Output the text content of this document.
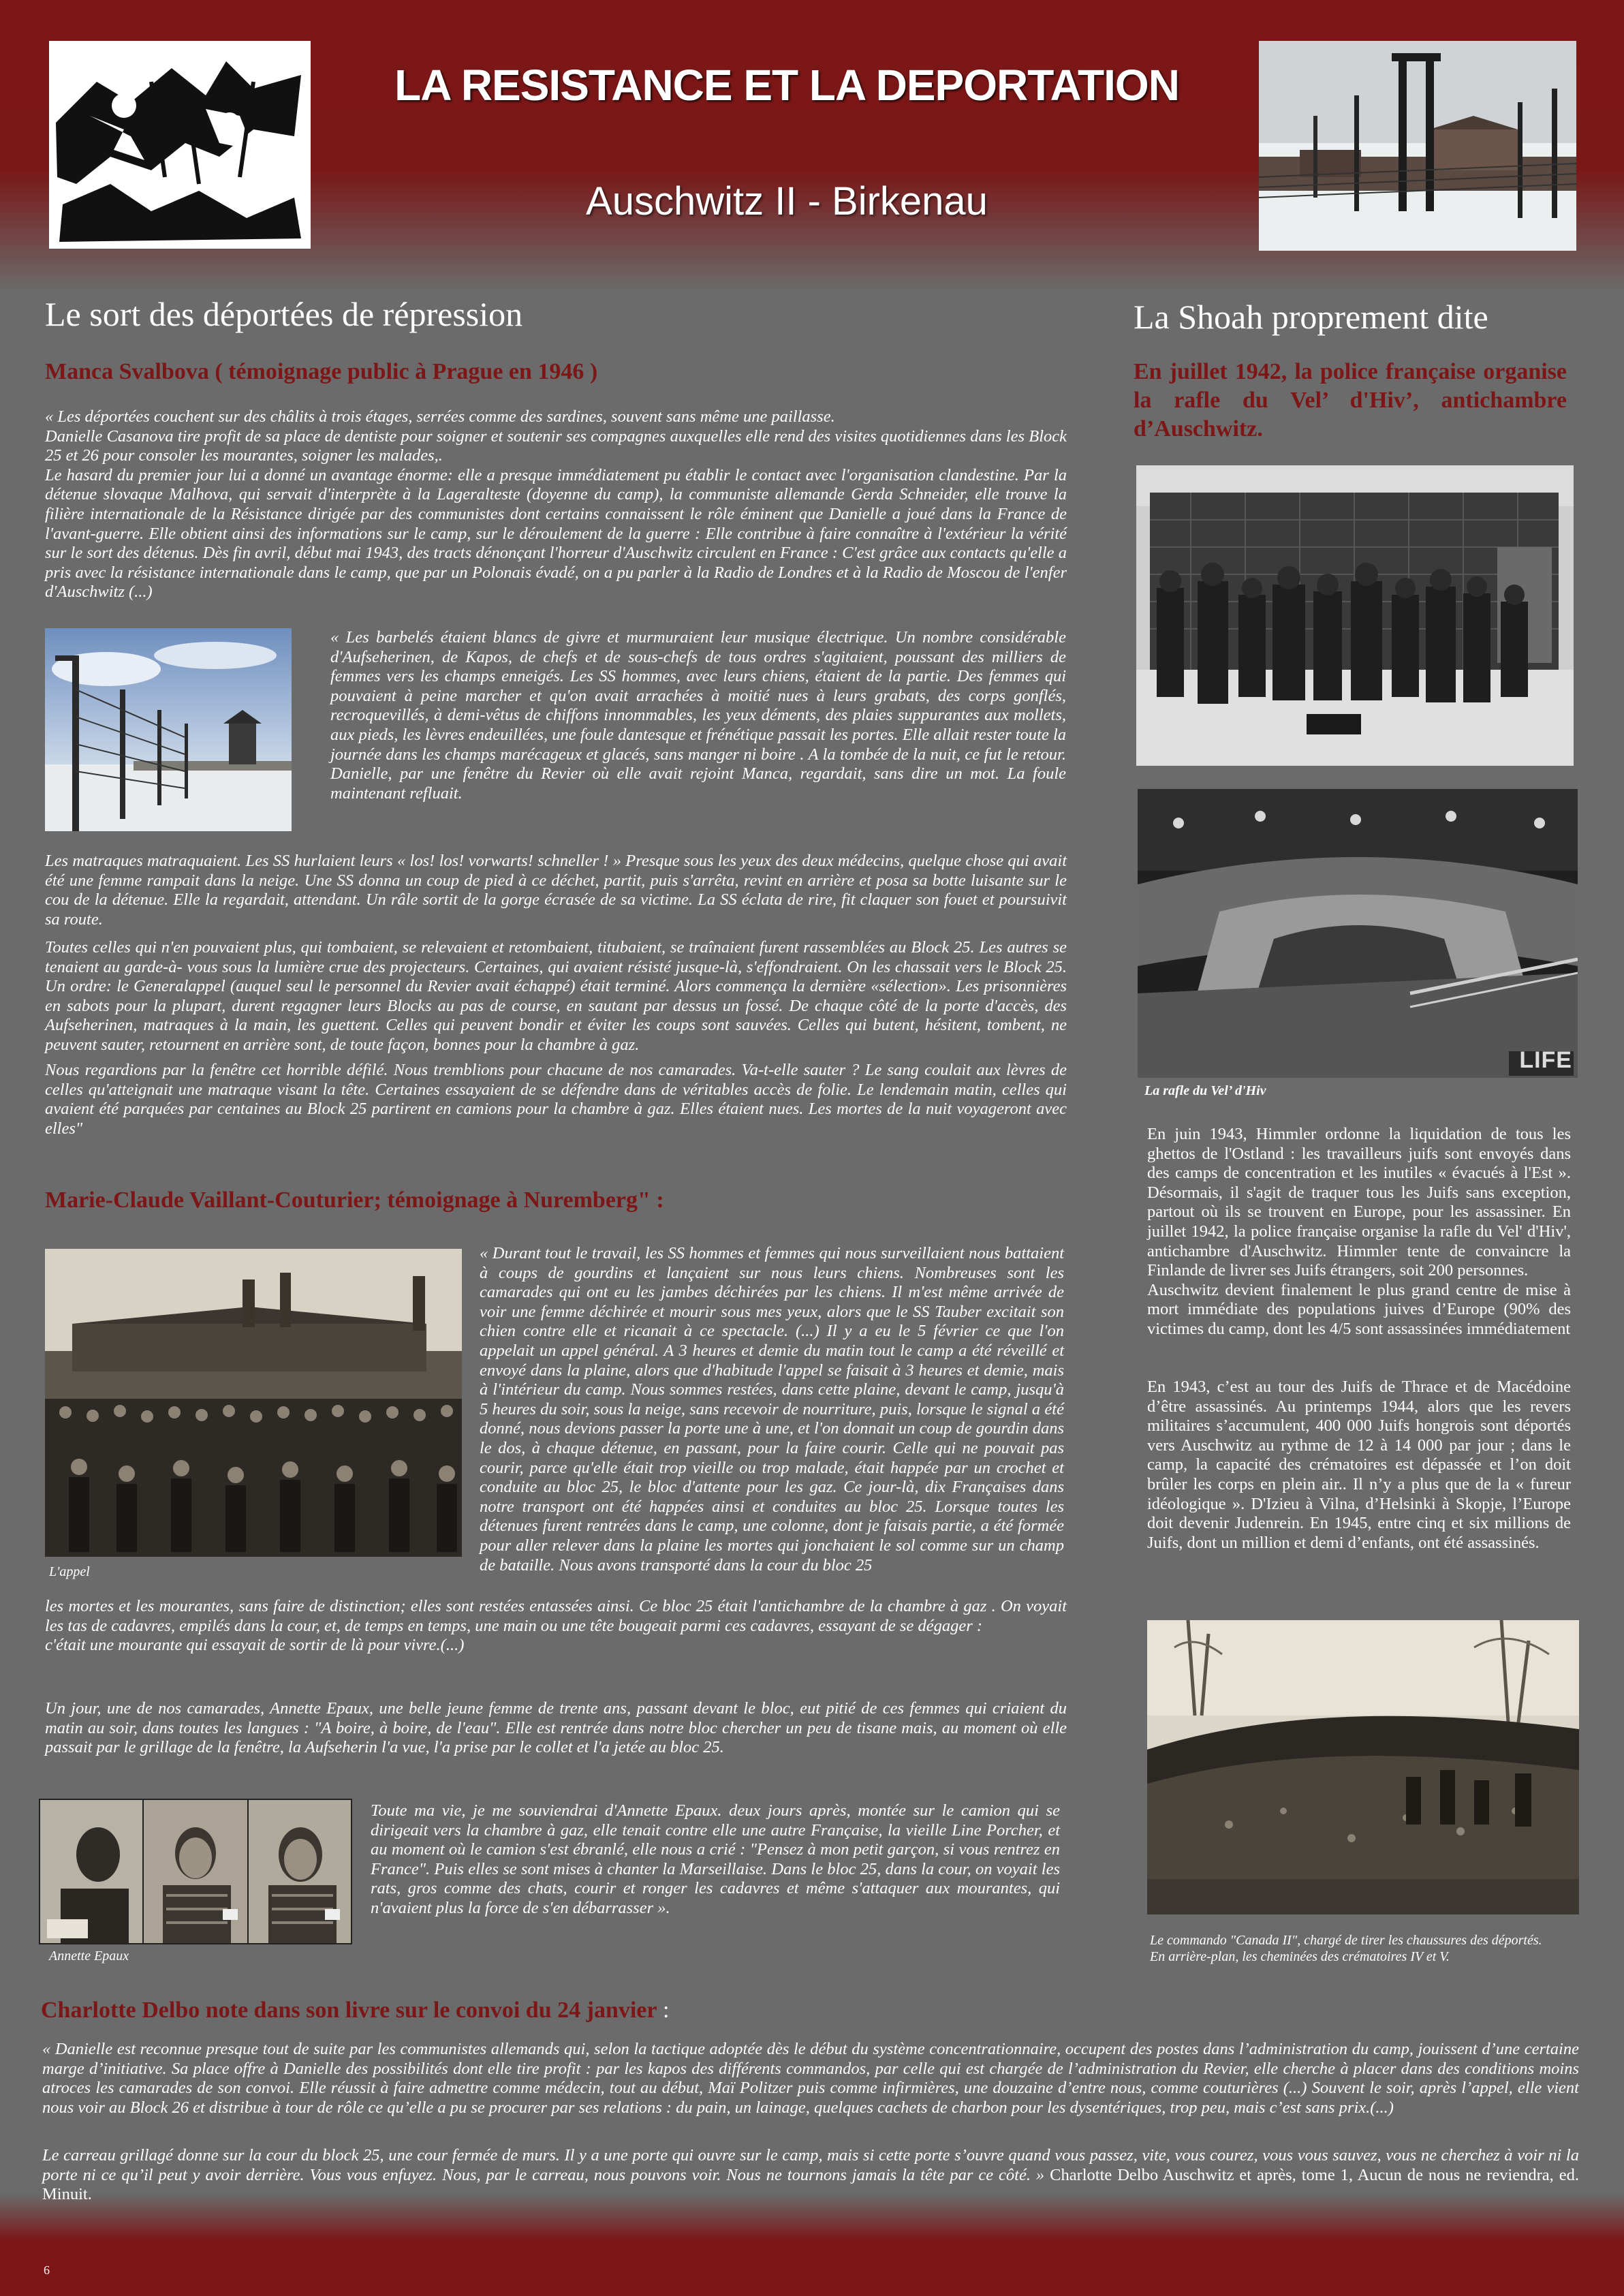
LA RESISTANCE ET LA DEPORTATION
Auschwitz II - Birkenau
Le sort des déportées de répression
Manca Svalbova ( témoignage public à Prague en 1946 )
« Les déportées couchent sur des châlits à trois étages, serrées comme des sardines, souvent sans même une paillasse.
Danielle Casanova tire profit de sa place de dentiste pour soigner et soutenir ses compagnes auxquelles elle rend des visites quotidiennes dans les Block 25 et 26 pour consoler les mourantes, soigner les malades,.
Le hasard du premier jour lui a donné un avantage énorme: elle a presque immédiatement pu établir le contact avec l'organisation clandestine. Par la détenue slovaque Malhova, qui servait d'interprète à la Lageralteste (doyenne du camp), la communiste allemande Gerda Schneider, elle trouve la filière internationale de la Résistance dirigée par des communistes dont certains connaissent le rôle éminent que Danielle a joué dans la France de l'avant-guerre. Elle obtient ainsi des informations sur le camp, sur le déroulement de la guerre : Elle contribue à faire connaître à l'extérieur la vérité sur le sort des détenus. Dès fin avril, début mai 1943, des tracts dénonçant l'horreur d'Auschwitz circulent en France : C'est grâce aux contacts qu'elle a pris avec la résistance internationale dans le camp, que par un Polonais évadé, on a pu parler à la Radio de Londres et à la Radio de Moscou de l'enfer d'Auschwitz (...)
« Les barbelés étaient blancs de givre et murmuraient leur musique électrique. Un nombre considérable d'Aufseherinen, de Kapos, de chefs et de sous-chefs de tous ordres s'agitaient, poussant des milliers de femmes vers les champs enneigés. Les SS hommes, avec leurs chiens, étaient de la partie. Des femmes qui pouvaient à peine marcher et qu'on avait arrachées à moitié nues à leurs grabats, des corps gonflés, recroquevillés, à demi-vêtus de chiffons innommables, les yeux déments, des plaies suppurantes aux mollets, aux pieds, les lèvres endeuillées, une foule dantesque et frénétique passait les portes. Elle allait rester toute la journée dans les champs marécageux et glacés, sans manger ni boire . A la tombée de la nuit, ce fut le retour. Danielle, par une fenêtre du Revier où elle avait rejoint Manca, regardait, sans dire un mot. La foule maintenant refluait.
Les matraques matraquaient. Les SS hurlaient leurs « los! los! vorwarts! schneller ! » Presque sous les yeux des deux médecins, quelque chose qui avait été une femme rampait dans la neige. Une SS donna un coup de pied à ce déchet, partit, puis s'arrêta, revint en arrière et posa sa botte luisante sur le cou de la détenue. Elle la regardait, attendant. Un râle sortit de la gorge écrasée de sa victime. La SS éclata de rire, fit claquer son fouet et poursuivit sa route.
Toutes celles qui n'en pouvaient plus, qui tombaient, se relevaient et retombaient, titubaient, se traînaient furent rassemblées au Block 25. Les autres se tenaient au garde-à- vous sous la lumière crue des projecteurs. Certaines, qui avaient résisté jusque-là, s'effondraient. On les chassait vers le Block 25. Un ordre: le Generalappel (auquel seul le personnel du Revier avait échappé) était terminé. Alors commença la dernière «sélection». Les prisonnières en sabots pour la plupart, durent regagner leurs Blocks au pas de course, en sautant par dessus un fossé. De chaque côté de la porte d'accès, des Aufseherinen, matraques à la main, les guettent. Celles qui peuvent bondir et éviter les coups sont sauvées. Celles qui butent, hésitent, tombent, ne peuvent sauter, retournent en arrière sont, de toute façon, bonnes pour la chambre à gaz.
Nous regardions par la fenêtre cet horrible défilé. Nous tremblions pour chacune de nos camarades. Va-t-elle sauter ? Le sang coulait aux lèvres de celles qu'atteignait une matraque visant la tête. Certaines essayaient de se défendre dans de véritables accès de folie. Le lendemain matin, celles qui avaient été parquées par centaines au Block 25 partirent en camions pour la chambre à gaz. Elles étaient nues. Les mortes de la nuit voyageront avec elles"
Marie-Claude Vaillant-Couturier; témoignage à Nuremberg" :
L'appel
« Durant tout le travail, les SS hommes et femmes qui nous surveillaient nous battaient à coups de gourdins et lançaient sur nous leurs chiens. Nombreuses sont les camarades qui ont eu les jambes déchirées par les chiens. Il m'est même arrivée de voir une femme déchirée et mourir sous mes yeux, alors que le SS Tauber excitait son chien contre elle et ricanait à ce spectacle. (...) Il y a eu le 5 février ce que l'on appelait un appel général. A 3 heures et demie du matin tout le camp a été réveillé et envoyé dans la plaine, alors que d'habitude l'appel se faisait à 3 heures et demie, mais à l'intérieur du camp. Nous sommes restées, dans cette plaine, devant le camp, jusqu'à 5 heures du soir, sous la neige, sans recevoir de nourriture, puis, lorsque le signal a été donné, nous devions passer la porte une à une, et l'on donnait un coup de gourdin dans le dos, à chaque détenue, en passant, pour la faire courir. Celle qui ne pouvait pas courir, parce qu'elle était trop vieille ou trop malade, était happée par un crochet et conduite au bloc 25, le bloc d'attente pour les gaz. Ce jour-là, dix Françaises dans notre transport ont été happées ainsi et conduites au bloc 25. Lorsque toutes les détenues furent rentrées dans le camp, une colonne, dont je faisais partie, a été formée pour aller relever dans la plaine les mortes qui jonchaient le sol comme sur un champ de bataille. Nous avons transporté dans la cour du bloc 25
les mortes et les mourantes, sans faire de distinction; elles sont restées entassées ainsi. Ce bloc 25 était l'antichambre de la chambre à gaz . On voyait les tas de cadavres, empilés dans la cour, et, de temps en temps, une main ou une tête bougeait parmi ces cadavres, essayant de se dégager :
c'était une mourante qui essayait de sortir de là pour vivre.(...)
Un jour, une de nos camarades, Annette Epaux, une belle jeune femme de trente ans, passant devant le bloc, eut pitié de ces femmes qui criaient du matin au soir, dans toutes les langues : "A boire, à boire, de l'eau". Elle est rentrée dans notre bloc chercher un peu de tisane mais, au moment où elle passait par le grillage de la fenêtre, la Aufseherin l'a vue, l'a prise par le collet et l'a jetée au bloc 25.
Annette Epaux
Toute ma vie, je me souviendrai d'Annette Epaux. deux jours après, montée sur le camion qui se dirigeait vers la chambre à gaz, elle tenait contre elle une autre Française, la vieille Line Porcher, et au moment où le camion s'est ébranlé, elle nous a crié : "Pensez à mon petit garçon, si vous rentrez en France". Puis elles se sont mises à chanter la Marseillaise. Dans le bloc 25, dans la cour, on voyait les rats, gros comme des chats, courir et ronger les cadavres et même s'attaquer aux mourantes, qui n'avaient plus la force de s'en débarrasser ».
La Shoah proprement dite
En juillet 1942, la police française organise la rafle du Vel’ d'Hiv’, antichambre d’Auschwitz.
LIFE
La rafle du Vel’ d'Hiv
En juin 1943, Himmler ordonne la liquidation de tous les ghettos de l'Ostland : les travailleurs juifs sont envoyés dans des camps de concentration et les inutiles « évacués à l'Est ». Désormais, il s'agit de traquer tous les Juifs sans exception, partout où ils se trouvent en Europe, pour les assassiner. En juillet 1942, la police française organise la rafle du Vel' d'Hiv', antichambre d'Auschwitz. Himmler tente de convaincre la Finlande de livrer ses Juifs étrangers, soit 200 personnes.
Auschwitz devient finalement le plus grand centre de mise à mort immédiate des populations juives d’Europe (90% des victimes du camp, dont les 4/5 sont assassinées immédiatement
En 1943, c’est au tour des Juifs de Thrace et de Macédoine d’être assassinés. Au printemps 1944, alors que les revers militaires s’accumulent, 400 000 Juifs hongrois sont déportés vers Auschwitz au rythme de 12 à 14 000 par jour ; dans le camp, la capacité des crématoires est dépassée et l’on doit brûler les corps en plein air.. Il n’y a plus que de la « fureur idéologique ». D'Izieu à Vilna, d’Helsinki à Skopje, l’Europe doit devenir Judenrein. En 1945, entre cinq et six millions de Juifs, dont un million et demi d’enfants, ont été assassinés.
Le commando "Canada II", chargé de tirer les chaussures des déportés.
En arrière-plan, les cheminées des crématoires IV et V.
Charlotte Delbo note dans son livre sur le convoi du 24 janvier :
« Danielle est reconnue presque tout de suite par les communistes allemands qui, selon la tactique adoptée dès le début du système concentrationnaire, occupent des postes dans l’administration du camp, jouissent d’une certaine marge d’initiative. Sa place offre à Danielle des possibilités dont elle tire profit : par les kapos des différents commandos, par celle qui est chargée de l’administration du Revier, elle cherche à placer dans des conditions moins atroces les camarades de son convoi. Elle réussit à faire admettre comme médecin, tout au début, Maï Politzer puis comme infirmières, une douzaine d’entre nous, comme couturières (...) Souvent le soir, après l’appel, elle vient nous voir au Block 26 et distribue à tour de rôle ce qu’elle a pu se procurer par ses relations : du pain, un lainage, quelques cachets de charbon pour les dysentériques, trop peu, mais c’est sans prix.(...)
Le carreau grillagé donne sur la cour du block 25, une cour fermée de murs. Il y a une porte qui ouvre sur le camp, mais si cette porte s’ouvre quand vous passez, vite, vous courez, vous vous sauvez, vous ne cherchez à voir ni la porte ni ce qu’il peut y avoir derrière. Vous vous enfuyez. Nous, par le carreau, nous pouvons voir. Nous ne tournons jamais la tête par ce côté. » Charlotte Delbo Auschwitz et après, tome 1, Aucun de nous ne reviendra, ed. Minuit.
6
